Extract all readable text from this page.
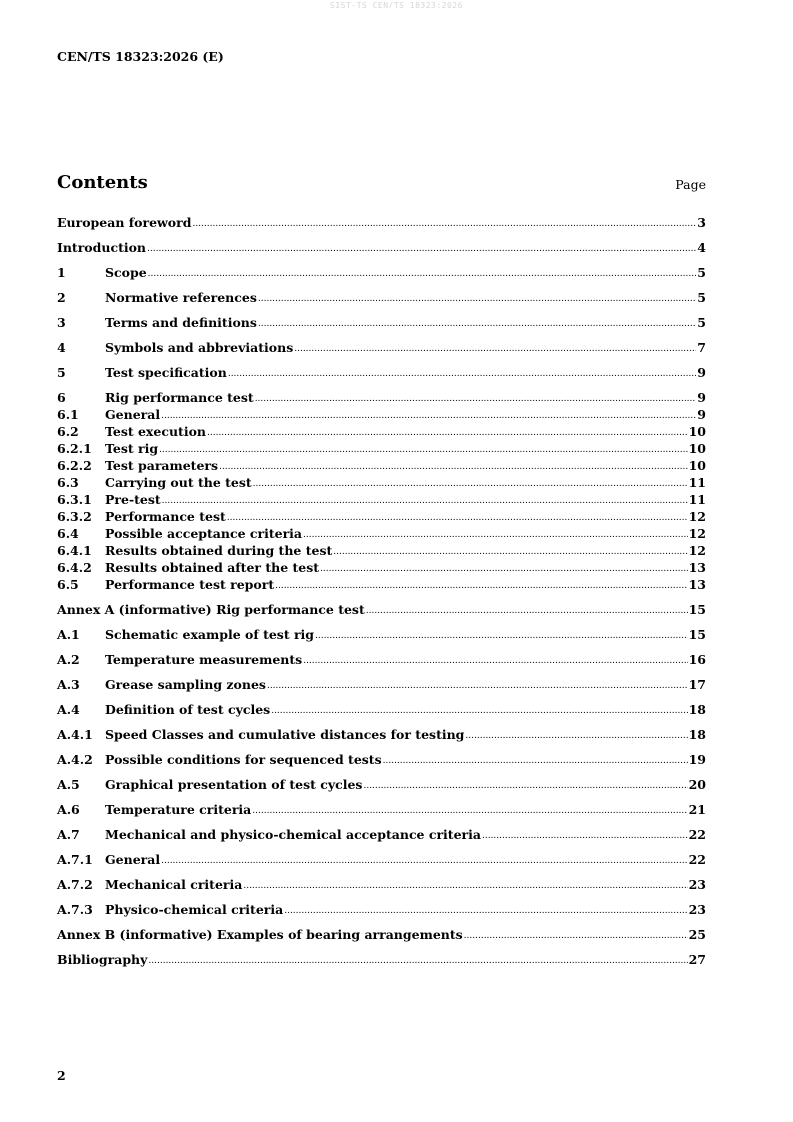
SIST-TS CEN/TS 18323:2026
CEN/TS 18323:2026 (E)
Contents	Page
European foreword .....	3
Introduction .....	4
1	Scope .....	5
2	Normative references .....	5
3	Terms and definitions .....	5
4	Symbols and abbreviations .....	7
5	Test specification .....	9
6	Rig performance test .....	9
6.1	General .....	9
6.2	Test execution .....	10
6.2.1	Test rig .....	10
6.2.2	Test parameters .....	10
6.3	Carrying out the test .....	11
6.3.1	Pre-test .....	11
6.3.2	Performance test .....	12
6.4	Possible acceptance criteria .....	12
6.4.1	Results obtained during the test .....	12
6.4.2	Results obtained after the test .....	13
6.5	Performance test report .....	13
Annex A (informative) Rig performance test .....	15
A.1	Schematic example of test rig .....	15
A.2	Temperature measurements .....	16
A.3	Grease sampling zones .....	17
A.4	Definition of test cycles .....	18
A.4.1 Speed Classes and cumulative distances for testing .....	18
A.4.2 Possible conditions for sequenced tests .....	19
A.5	Graphical presentation of test cycles .....	20
A.6	Temperature criteria .....	21
A.7	Mechanical and physico-chemical acceptance criteria .....	22
A.7.1 General .....	22
A.7.2 Mechanical criteria .....	23
A.7.3 Physico-chemical criteria .....	23
Annex B (informative) Examples of bearing arrangements .....	25
Bibliography .....	27
2
